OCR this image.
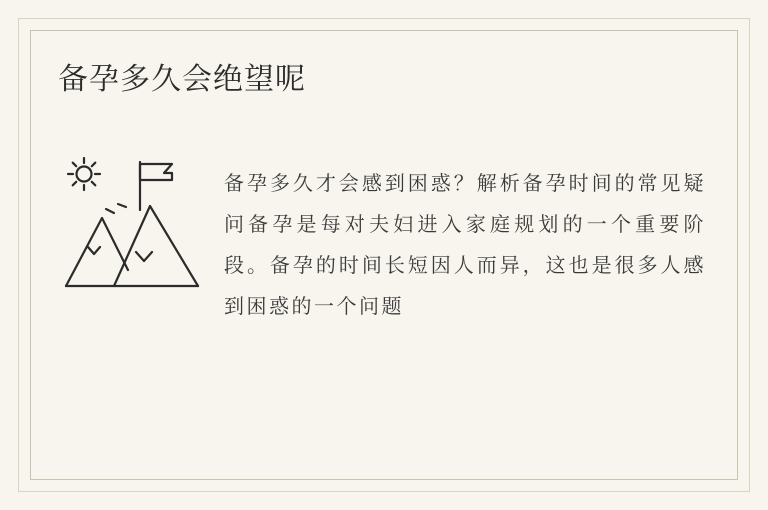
备孕多久会绝望呢

备孕多久才会感到困惑？解析备孕时间的常见疑问备孕是每对夫妇进入家庭规划的一个重要阶段。备孕的时间长短因人而异，这也是很多人感到困惑的一个问题
